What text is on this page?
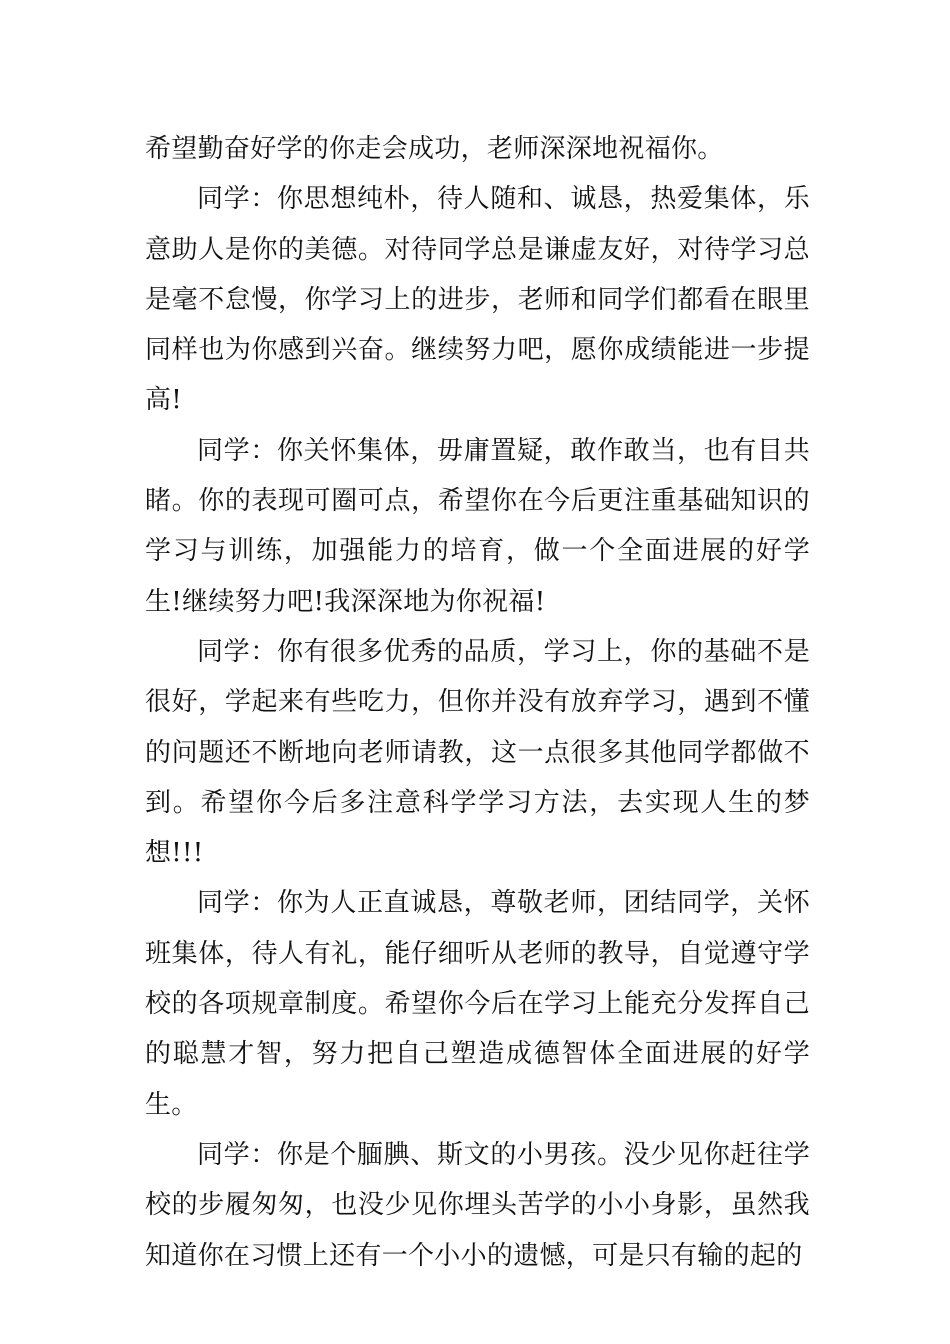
希望勤奋好学的你走会成功，老师深深地祝福你。

同学：你思想纯朴，待人随和、诚恳，热爱集体，乐意助人是你的美德。对待同学总是谦虚友好，对待学习总是毫不怠慢，你学习上的进步，老师和同学们都看在眼里同样也为你感到兴奋。继续努力吧，愿你成绩能进一步提高!

同学：你关怀集体，毋庸置疑，敢作敢当，也有目共睹。你的表现可圈可点，希望你在今后更注重基础知识的学习与训练，加强能力的培育，做一个全面进展的好学生!继续努力吧!我深深地为你祝福!

同学：你有很多优秀的品质，学习上，你的基础不是很好，学起来有些吃力，但你并没有放弃学习，遇到不懂的问题还不断地向老师请教，这一点很多其他同学都做不到。希望你今后多注意科学学习方法，去实现人生的梦想!!!

同学：你为人正直诚恳，尊敬老师，团结同学，关怀班集体，待人有礼，能仔细听从老师的教导，自觉遵守学校的各项规章制度。希望你今后在学习上能充分发挥自己的聪慧才智，努力把自己塑造成德智体全面进展的好学生。

同学：你是个腼腆、斯文的小男孩。没少见你赶往学校的步履匆匆，也没少见你埋头苦学的小小身影，虽然我知道你在习惯上还有一个小小的遗憾，可是只有输的起的
